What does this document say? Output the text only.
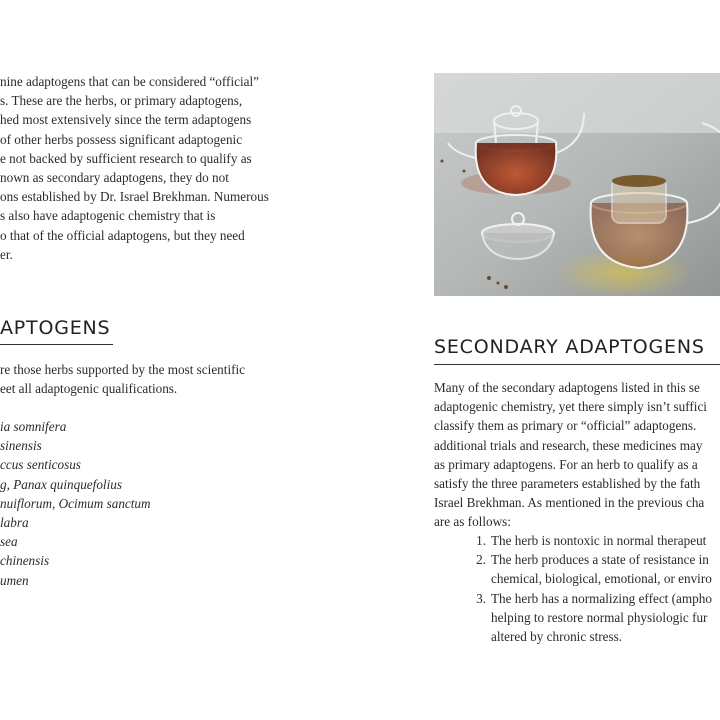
nine adaptogens that can be considered “official”
s. These are the herbs, or primary adaptogens,
hed most extensively since the term adaptogens
of other herbs possess significant adaptogenic
e not backed by sufficient research to qualify as
nown as secondary adaptogens, they do not
ons established by Dr. Israel Brekhman. Numerous
s also have adaptogenic chemistry that is
o that of the official adaptogens, but they need
er.
APTOGENS
re those herbs supported by the most scientific
eet all adaptogenic qualifications.
ia somnifera
sinensis
ccus senticosus
g, Panax quinquefolius
nuiflorum, Ocimum sanctum
labra
sea
chinensis
umen
SECONDARY ADAPTOGENS
Many of the secondary adaptogens listed in this se
adaptogenic chemistry, yet there simply isn’t suffici
classify them as primary or “official” adaptogens.
additional trials and research, these medicines may
as primary adaptogens. For an herb to qualify as a
satisfy the three parameters established by the fath
Israel Brekhman. As mentioned in the previous cha
are as follows:
1. The herb is nontoxic in normal therapeut
2. The herb produces a state of resistance in
chemical, biological, emotional, or enviro
3. The herb has a normalizing effect (ampho
helping to restore normal physiologic fur
altered by chronic stress.
